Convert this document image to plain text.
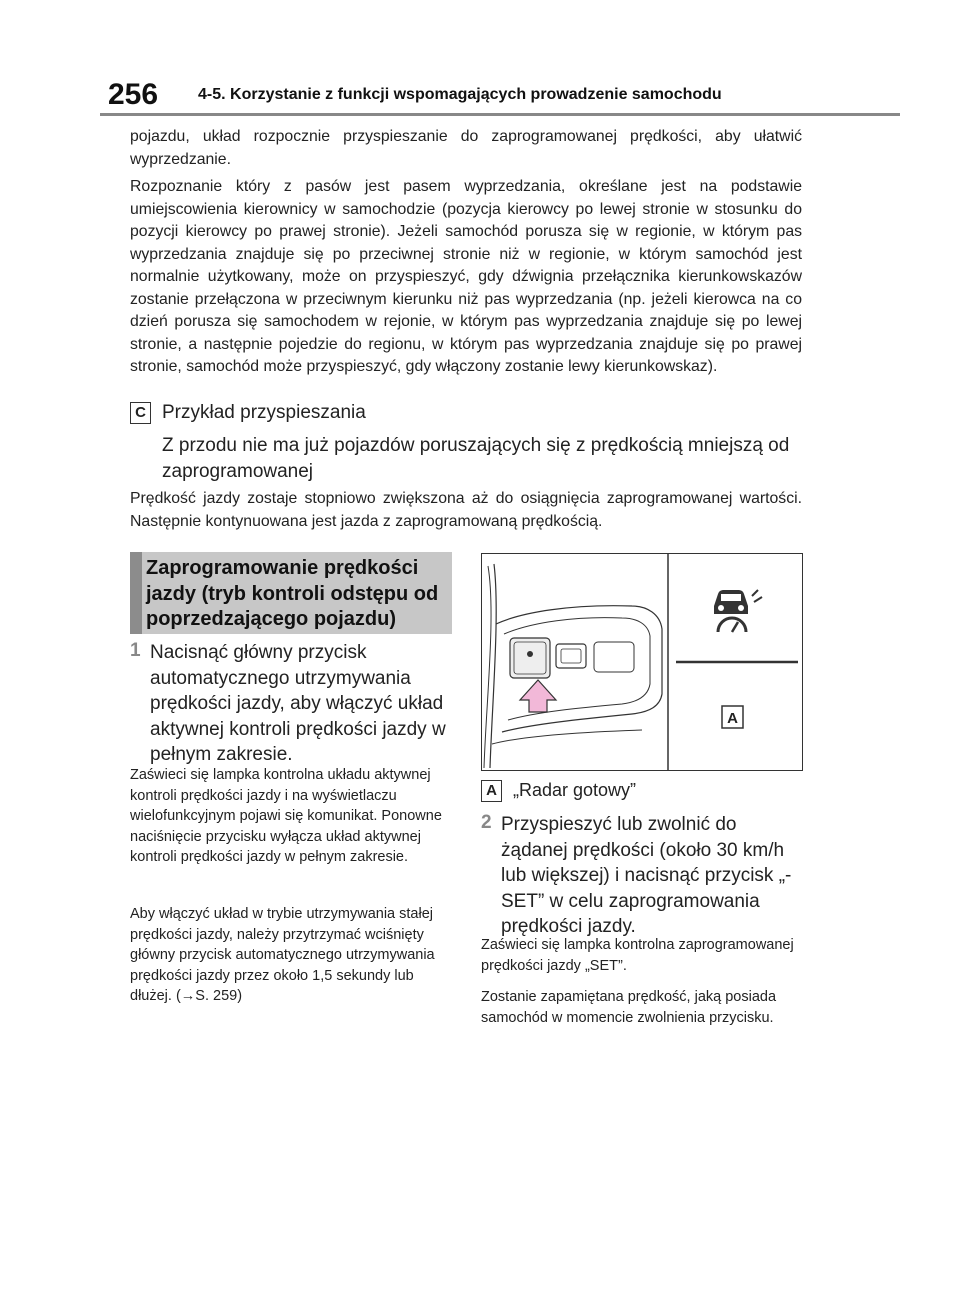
256 4-5. Korzystanie z funkcji wspomagających prowadzenie samochodu
pojazdu, układ rozpocznie przyspieszanie do zaprogramowanej prędkości, aby ułatwić wyprzedzanie.
Rozpoznanie który z pasów jest pasem wyprzedzania, określane jest na podstawie umiejscowienia kierownicy w samochodzie (pozycja kierowcy po lewej stronie w stosunku do pozycji kierowcy po prawej stronie). Jeżeli samochód porusza się w regionie, w którym pas wyprzedzania znajduje się po przeciwnej stronie niż w regionie, w którym samochód jest normalnie użytkowany, może on przyspieszyć, gdy dźwignia przełącznika kierunkowskazów zostanie przełączona w przeciwnym kierunku niż pas wyprzedzania (np. jeżeli kierowca na co dzień porusza się samochodem w rejonie, w którym pas wyprzedzania znajduje się po lewej stronie, a następnie pojedzie do regionu, w którym pas wyprzedzania znajduje się po prawej stronie, samochód może przyspieszyć, gdy włączony zostanie lewy kierunkowskaz).
C Przykład przyspieszania
Z przodu nie ma już pojazdów poruszających się z prędkością mniejszą od zaprogramowanej
Prędkość jazdy zostaje stopniowo zwiększona aż do osiągnięcia zaprogramowanej wartości. Następnie kontynuowana jest jazda z zaprogramowaną prędkością.
Zaprogramowanie prędkości jazdy (tryb kontroli odstępu od poprzedzającego pojazdu)
1 Nacisnąć główny przycisk automatycznego utrzymywania prędkości jazdy, aby włączyć układ aktywnej kontroli prędkości jazdy w pełnym zakresie.
Zaświeci się lampka kontrolna układu aktywnej kontroli prędkości jazdy i na wyświetlaczu wielofunkcyjnym pojawi się komunikat. Ponowne naciśnięcie przycisku wyłącza układ aktywnej kontroli prędkości jazdy w pełnym zakresie.
Aby włączyć układ w trybie utrzymywania stałej prędkości jazdy, należy przytrzymać wciśnięty główny przycisk automatycznego utrzymywania prędkości jazdy przez około 1,5 sekundy lub dłużej. (→S. 259)
A
A „Radar gotowy”
2 Przyspieszyć lub zwolnić do żądanej prędkości (około 30 km/h lub większej) i nacisnąć przycisk „-SET” w celu zaprogramowania prędkości jazdy.
Zaświeci się lampka kontrolna zaprogramowanej prędkości jazdy „SET”.
Zostanie zapamiętana prędkość, jaką posiada samochód w momencie zwolnienia przycisku.
